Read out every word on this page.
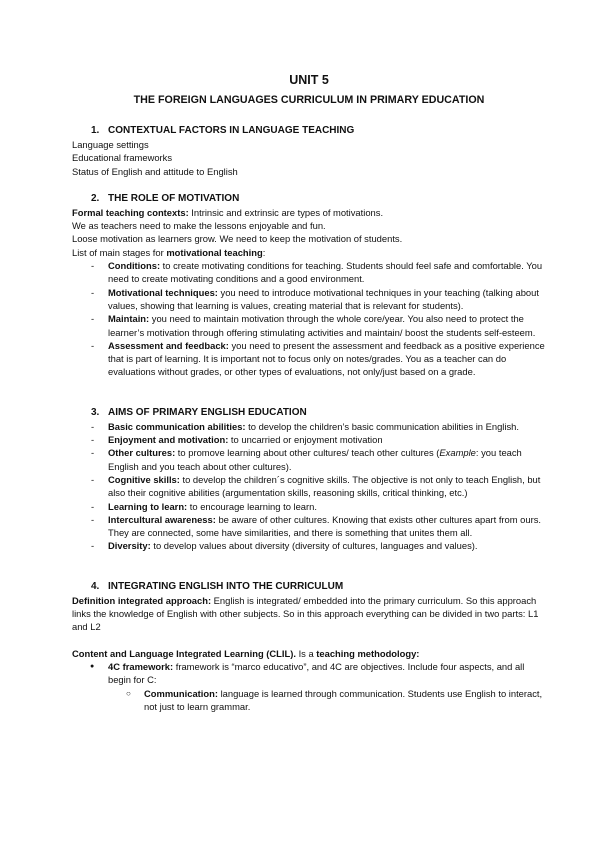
UNIT 5

THE FOREIGN LANGUAGES CURRICULUM IN PRIMARY EDUCATION

1. CONTEXTUAL FACTORS IN LANGUAGE TEACHING

Language settings

Educational frameworks

Status of English and attitude to English

2. THE ROLE OF MOTIVATION

Formal teaching contexts: Intrinsic and extrinsic are types of motivations.

We as teachers need to make the lessons enjoyable and fun.

Loose motivation as learners grow. We need to keep the motivation of students.

List of main stages for motivational teaching:

- Conditions: to create motivating conditions for teaching. Students should feel safe and comfortable. You need to create motivating conditions and a good environment.
- Motivational techniques: you need to introduce motivational techniques in your teaching (talking about values, showing that learning is values, creating material that is relevant for students).
- Maintain: you need to maintain motivation through the whole core/year. You also need to protect the learner’s motivation through offering stimulating activities and maintain/ boost the students self-esteem.
- Assessment and feedback: you need to present the assessment and feedback as a positive experience that is part of learning. It is important not to focus only on notes/grades. You as a teacher can do evaluations without grades, or other types of evaluations, not only/just based on a grade.

3. AIMS OF PRIMARY ENGLISH EDUCATION

- Basic communication abilities: to develop the children’s basic communication abilities in English.
- Enjoyment and motivation: to uncarried or enjoyment motivation
- Other cultures: to promove learning about other cultures/ teach other cultures (Example: you teach English and you teach about other cultures).
- Cognitive skills: to develop the children´s cognitive skills. The objective is not only to teach English, but also their cognitive abilities (argumentation skills, reasoning skills, critical thinking, etc.)
- Learning to learn: to encourage learning to learn.
- Intercultural awareness: be aware of other cultures. Knowing that exists other cultures apart from ours. They are connected, some have similarities, and there is something that unites them all.
- Diversity: to develop values about diversity (diversity of cultures, languages and values).

4. INTEGRATING ENGLISH INTO THE CURRICULUM

Definition integrated approach: English is integrated/ embedded into the primary curriculum. So this approach links the knowledge of English with other subjects. So in this approach everything can be divided in two parts: L1 and L2

Content and Language Integrated Learning (CLIL). Is a teaching methodology:

● 4C framework: framework is “marco educativo”, and 4C are objectives. Include four aspects, and all begin for C:
○ Communication: language is learned through communication. Students use English to interact, not just to learn grammar.
